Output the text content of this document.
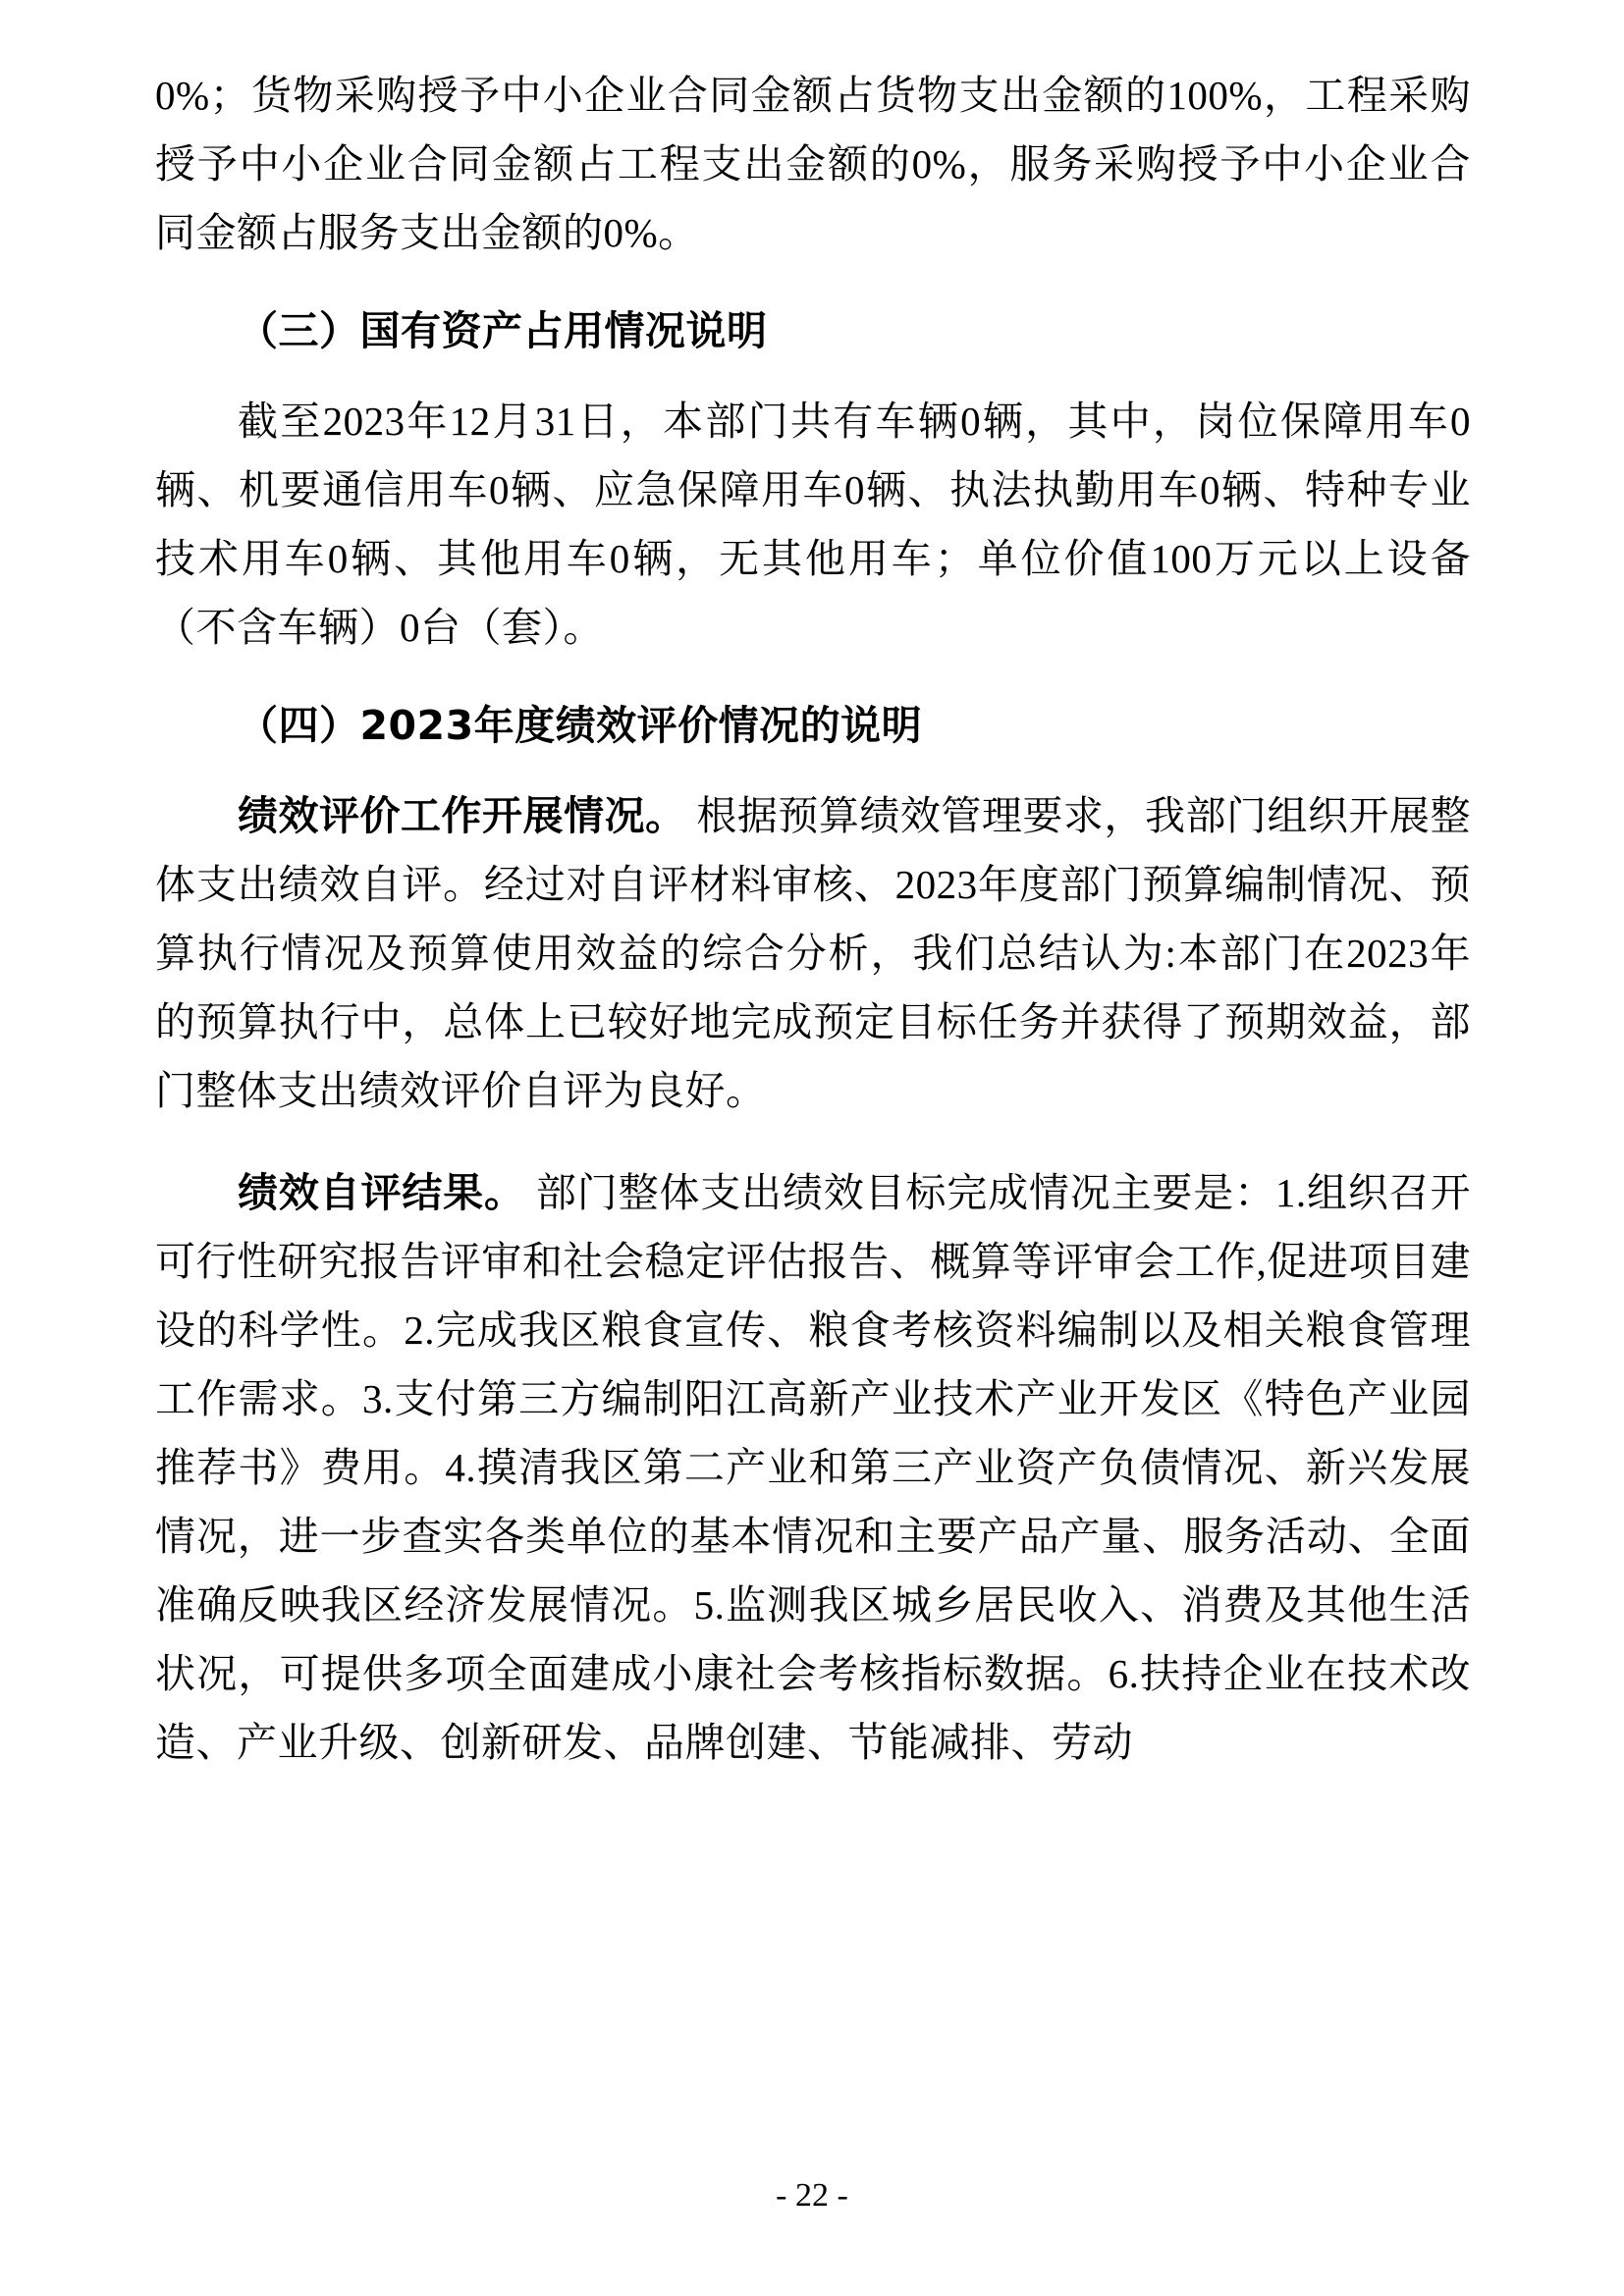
0%；货物采购授予中小企业合同金额占货物支出金额的100%，工程采购授予中小企业合同金额占工程支出金额的0%，服务采购授予中小企业合同金额占服务支出金额的0%。

（三）国有资产占用情况说明

截至2023年12月31日，本部门共有车辆0辆，其中，岗位保障用车0辆、机要通信用车0辆、应急保障用车0辆、执法执勤用车0辆、特种专业技术用车0辆、其他用车0辆，无其他用车；单位价值100万元以上设备（不含车辆）0台（套）。

（四）2023年度绩效评价情况的说明

绩效评价工作开展情况。 根据预算绩效管理要求，我部门组织开展整体支出绩效自评。经过对自评材料审核、2023年度部门预算编制情况、预算执行情况及预算使用效益的综合分析，我们总结认为:本部门在2023年的预算执行中，总体上已较好地完成预定目标任务并获得了预期效益，部门整体支出绩效评价自评为良好。

绩效自评结果。 部门整体支出绩效目标完成情况主要是：1.组织召开可行性研究报告评审和社会稳定评估报告、概算等评审会工作,促进项目建设的科学性。2.完成我区粮食宣传、粮食考核资料编制以及相关粮食管理工作需求。3.支付第三方编制阳江高新产业技术产业开发区《特色产业园推荐书》费用。4.摸清我区第二产业和第三产业资产负债情况、新兴发展情况，进一步查实各类单位的基本情况和主要产品产量、服务活动、全面准确反映我区经济发展情况。5.监测我区城乡居民收入、消费及其他生活状况，可提供多项全面建成小康社会考核指标数据。6.扶持企业在技术改造、产业升级、创新研发、品牌创建、节能减排、劳动

- 22 -
